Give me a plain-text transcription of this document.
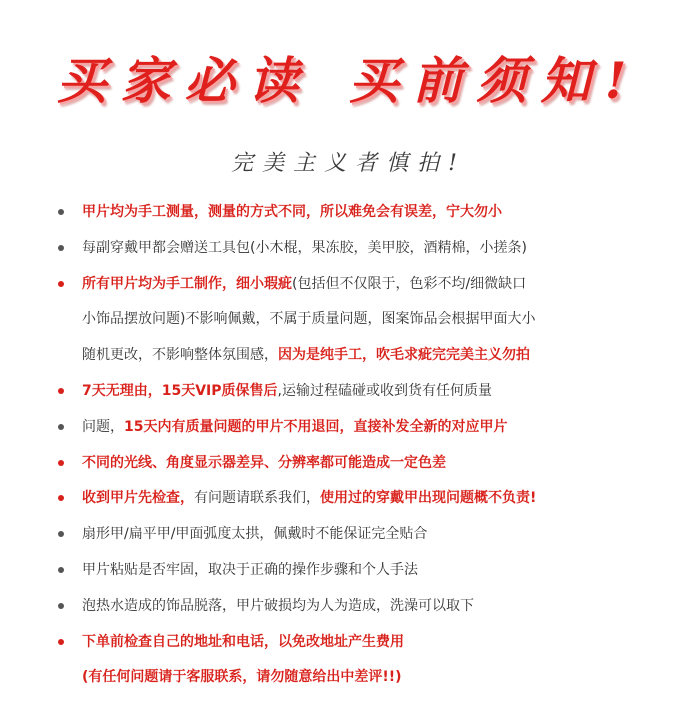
买家必读 买前须知!
完美主义者慎拍!
甲片均为手工测量，测量的方式不同，所以难免会有误差，宁大勿小
每副穿戴甲都会赠送工具包(小木棍，果冻胶，美甲胶，酒精棉，小搓条)
所有甲片均为手工制作，细小瑕疵(包括但不仅限于，色彩不均/细微缺口
小饰品摆放问题)不影响佩戴，不属于质量问题，图案饰品会根据甲面大小
随机更改，不影响整体氛围感，因为是纯手工，吹毛求疵完完美主义勿拍
7天无理由，15天VIP质保售后,运输过程磕碰或收到货有任何质量
问题，15天内有质量问题的甲片不用退回，直接补发全新的对应甲片
不同的光线、角度显示器差异、分辨率都可能造成一定色差
收到甲片先检查，有问题请联系我们，使用过的穿戴甲出现问题概不负责!
扇形甲/扁平甲/甲面弧度太拱，佩戴时不能保证完全贴合
甲片粘贴是否牢固，取决于正确的操作步骤和个人手法
泡热水造成的饰品脱落，甲片破损均为人为造成，洗澡可以取下
下单前检查自己的地址和电话，以免改地址产生费用
(有任何问题请于客服联系，请勿随意给出中差评!!)
